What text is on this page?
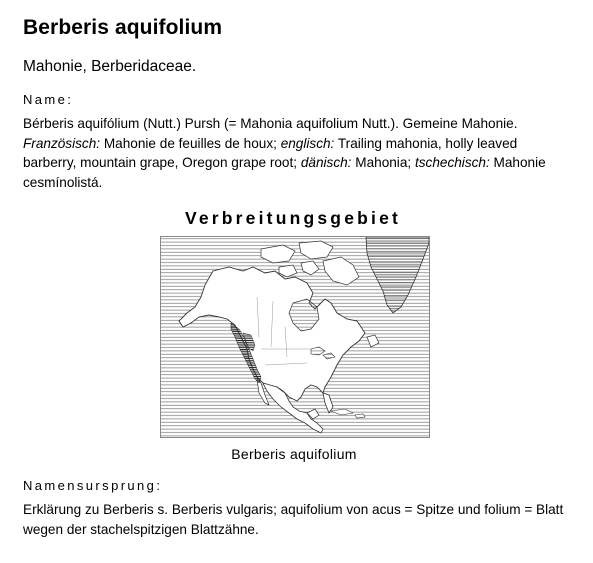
Berberis aquifolium
Mahonie, Berberidaceae.
Name:
Bérberis aquifólium (Nutt.) Pursh (= Mahonia aquifolium Nutt.). Gemeine Mahonie. Französisch: Mahonie de feuilles de houx; englisch: Trailing mahonia, holly leaved barberry, mountain grape, Oregon grape root; dänisch: Mahonia; tschechisch: Mahonie cesmínolistá.
Verbreitungsgebiet
Berberis aquifolium
Namensursprung:
Erklärung zu Berberis s. Berberis vulgaris; aquifolium von acus = Spitze und folium = Blatt wegen der stachelspitzigen Blattzähne.
